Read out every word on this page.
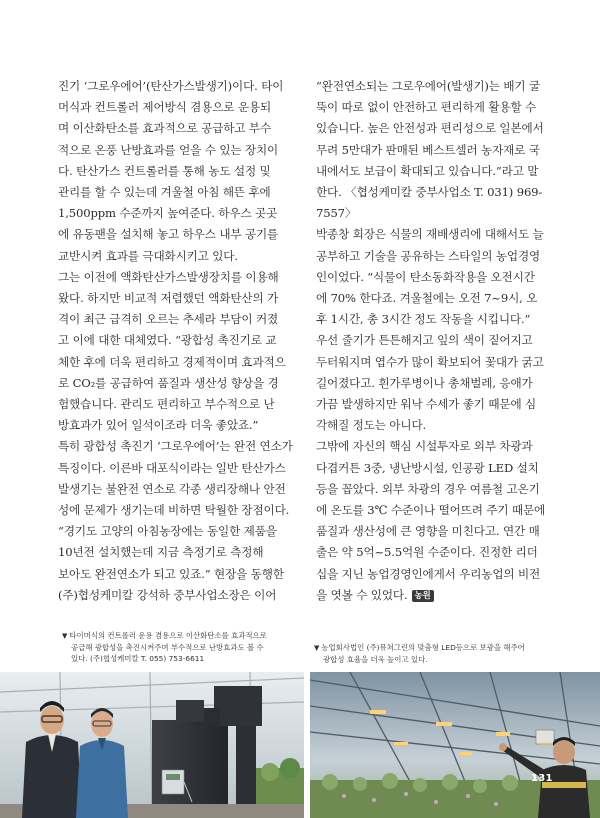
진기 ‘그로우에어’(탄산가스발생기)이다. 타이
머식과 컨트롤러 제어방식 겸용으로 운용되
며 이산화탄소를 효과적으로 공급하고 부수
적으로 온풍 난방효과를 얻을 수 있는 장치이
다. 탄산가스 컨트롤러를 통해 농도 설정 및
관리를 할 수 있는데 겨울철 아침 해뜬 후에
1,500ppm 수준까지 높여준다. 하우스 곳곳
에 유동팬을 설치해 놓고 하우스 내부 공기를
교반시켜 효과를 극대화시키고 있다.

그는 이전에 액화탄산가스발생장치를 이용해
왔다. 하지만 비교적 저렴했던 액화탄산의 가
격이 최근 급격히 오르는 추세라 부담이 커졌
고 이에 대한 대체였다. “광합성 촉진기로 교
체한 후에 더욱 편리하고 경제적이며 효과적으
로 CO₂를 공급하여 품질과 생산성 향상을 경
험했습니다. 관리도 편리하고 부수적으로 난
방효과가 있어 일석이조라 더욱 좋았죠.”

특히 광합성 촉진기 ‘그로우에어’는 완전 연소가
특징이다. 이른바 대포식이라는 일반 탄산가스
발생기는 불완전 연소로 각종 생리장해나 안전
성에 문제가 생기는데 비하면 탁월한 장점이다.
“경기도 고양의 아침농장에는 동일한 제품을
10년전 설치했는데 지금 측정기로 측정해
보아도 완전연소가 되고 있죠.” 현장을 동행한
(주)협성케미칼 강석하 중부사업소장은 이어

“완전연소되는 그로우에어(발생기)는 배기 굴
뚝이 따로 없이 안전하고 편리하게 활용할 수
있습니다. 높은 안전성과 편리성으로 일본에서
무려 5만대가 판매된 베스트셀러 농자재로 국
내에서도 보급이 확대되고 있습니다.”라고 말
한다. 〈협성케미칼 중부사업소 T. 031) 969-
7557〉

박종창 회장은 식물의 재배생리에 대해서도 늘
공부하고 기술을 공유하는 스타일의 농업경영
인이었다. “식물이 탄소동화작용을 오전시간
에 70% 한다죠. 겨울철에는 오전 7~9시, 오
후 1시간, 총 3시간 정도 작동을 시킵니다.”
우선 줄기가 튼튼해지고 잎의 색이 짙어지고
두터워지며 엽수가 많이 확보되어 꽃대가 굵고
길어졌다고. 흰가루병이나 총채벌레, 응애가
가끔 발생하지만 워낙 수세가 좋기 때문에 심
각해질 정도는 아니다.

그밖에 자신의 핵심 시설투자로 외부 차광과
다겹커튼 3중, 냉난방시설, 인공광 LED 설치
등을 꼽았다. 외부 차광의 경우 여름철 고온기
에 온도를 3℃ 수준이나 떨어뜨려 주기 때문에
품질과 생산성에 큰 영향을 미친다고. 연간 매
출은 약 5억~5.5억원 수준이다. 진정한 리더
십을 지닌 농업경영인에게서 우리농업의 비전
을 엿볼 수 있었다. 농원

▼ 타이머식의 컨트롤러 운용 겸용으로 이산화탄소를 효과적으로
공급해 광합성을 촉진시켜주며 부수적으로 난방효과도 볼 수
있다. (주)협성케미칼 T. 055) 753-6611
▼ 농업회사법인 (주)뮤쳐그린의 맞춤형 LED등으로 보광을 해주어
광합성 효율을 더욱 높이고 있다.
131
